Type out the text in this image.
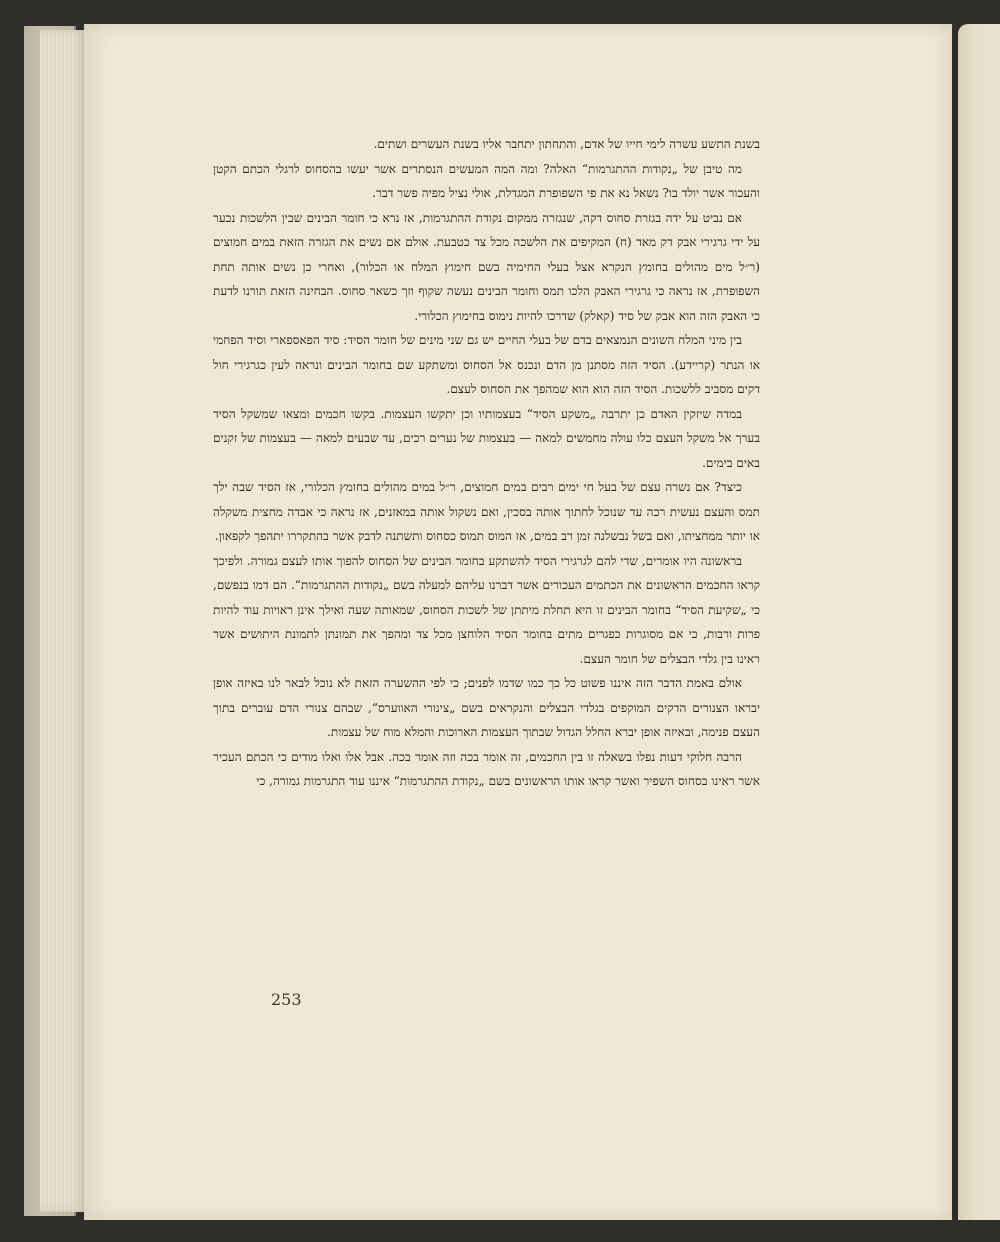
בשנת התשע עשרה לימי חייו של אדם, והתחתון יתחבר אליו בשנת העשרים ושתים.

מה טיבן של „נקודות ההתגרמות“ האלה? ומה המה המעשים הנסתרים אשר יעשו בהסחוס לרגלי הכתם הקטן והעכור אשר יולד בו? נשאל נא את פי השפופרת המגדלת, אולי נציל מפיה פשר דבר.

אם נביט על ידה בגזרת סחוס דקה, שנגזרה ממקום נקודת ההתגרמות, אז נרא כי חומר הבינים שבין הלשכות נכער על ידי גרגירי אבק דק מאד (ח) המקיפים את הלשכה מכל צד כטבעת. אולם אם נשים את הגזרה הזאת במים חמוצים (ר״ל מים מהולים בחומץ הנקרא אצל בעלי החימיה בשם חימוץ המלח או הכלור), ואחרי כן נשים אותה תחת השפופרת, אז נראה כי גרגירי האבק הלכו תמס וחומר הבינים נעשה שקוף וזך כשאר סחוס. הבחינה הזאת תורנו לדעת כי האבק הזה הוא אבק של סיד (קאלק) שדרכו להיות נימוס בחימוץ הכלורי.

בין מיני המלח השונים הנמצאים בדם של בעלי החיים יש גם שני מינים של חומר הסיד: סיד הפאספארי וסיד הפחמי או הנתר (קריידע). הסיד הזה מסתנן מן הדם ונכנס אל הסחוס ומשתקע שם בחומר הבינים ונראה לעין כגרגירי חול דקים מסביב ללשכות. הסיד הזה הוא הוא שמהפך את הסחוס לעצם.

במדה שיזקין האדם כן יתרבה „משקע הסיד“ בעצמותיו וכן יתקשו העצמות. בקשו חכמים ומצאו שמשקל הסיד בערך אל משקל העצם כלו עולה מחמשים למאה — בעצמות של נערים רכים, עד שבעים למאה — בעצמות של זקנים באים בימים.

כיצד? אם נשרה עצם של בעל חי ימים רבים במים חמוצים, ר״ל במים מהולים בחומץ הכלורי, אז הסיד שבה ילך תמס והעצם נעשית רכה עד שנוכל לחתוך אותה בסכין, ואם נשקול אותה במאזנים, אז נראה כי אבדה מחצית משקלה או יותר ממחציתו, ואם בשל נבשלנה זמן רב במים, אז המוס תמוס כסחוס ותשתנה לדבק אשר בהתקררו יתהפך לקפאון.

בראשונה היו אומרים, שדי להם לגרגירי הסיד להשתקע בחומר הבינים של הסחוס להפוך אותו לעצם גמורה. ולפיכך קראו החכמים הראשונים את הכתמים העכורים אשר דברנו עליהם למעלה בשם „נקודות ההתגרמות“. הם דמו בנפשם, כי „שקיעת הסיד“ בחומר הבינים זו היא תחלת מיתתן של לשכות הסחוס, שמאותה שעה ואילך אינן ראויות עוד להיות פרות ורבות, כי אם מסוגרות כפגרים מתים בחומר הסיד הלוחצן מכל צד ומהפך את תמונתן לתמונת היתושים אשר ראינו בין גלדי הבצלים של חומר העצם.

אולם באמת הדבר הזה איננו פשוט כל כך כמו שדמו לפנים; כי לפי ההשערה הזאת לא נוכל לבאר לנו באיזה אופן יבראו הצנורים הדקים המוקפים בגלדי הבצלים והנקראים בשם „צינורי האווערס“, שבהם צנורי הדם עוברים בתוך העצם פנימה, ובאיזה אופן יברא החלל הגדול שבתוך העצמות הארוכות והמלא מוח של עצמות.

הרבה חלוקי דעות נפלו בשאלה זו בין החכמים, זה אומר בכה וזה אומר בכה. אבל אלו ואלו מודים כי הכתם העכיר אשר ראינו בסחוס השפיר ואשר קראו אותו הראשונים בשם „נקודת ההתגרמות“ איננו עוד התגרמות גמורה, כי

253
